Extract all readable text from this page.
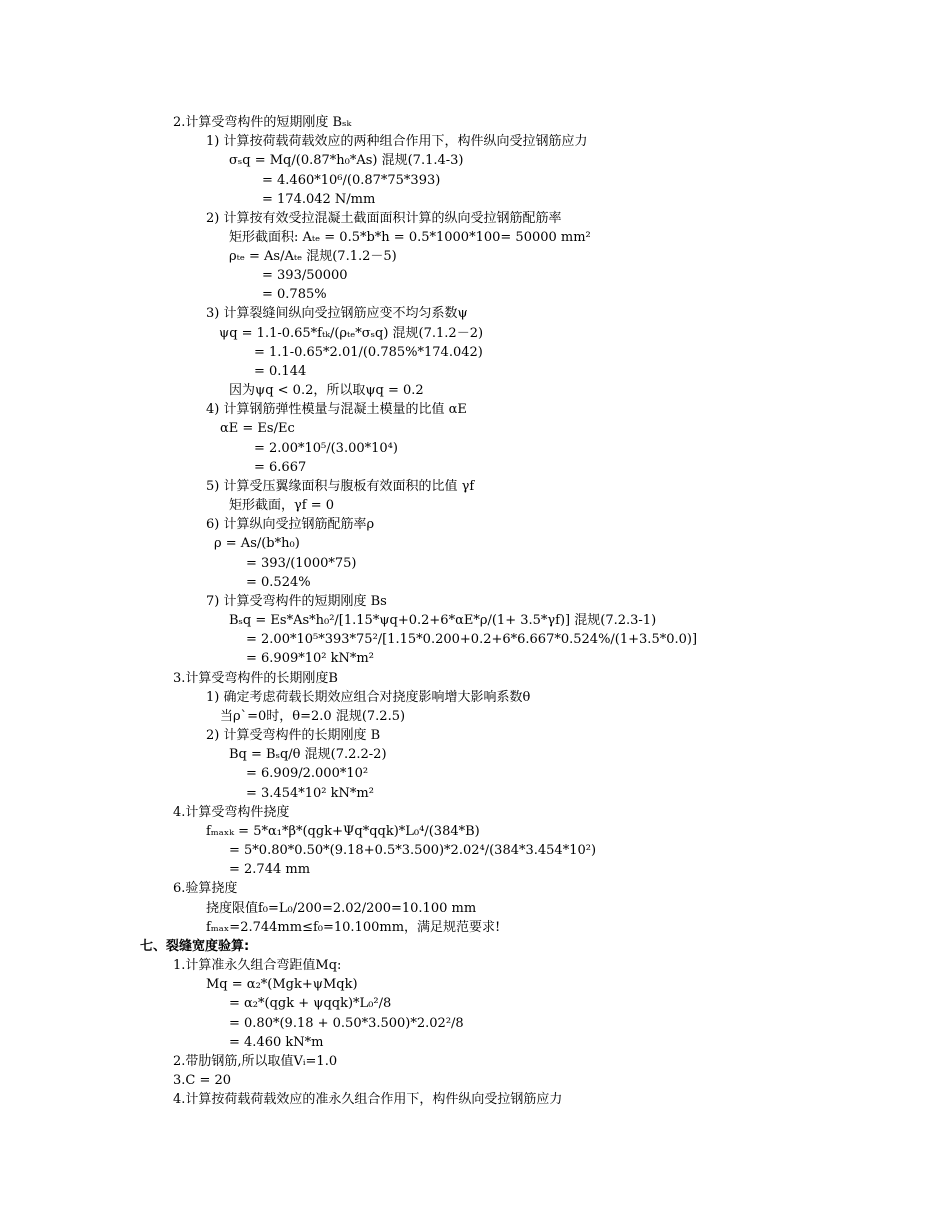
2.计算受弯构件的短期刚度 Bₛₖ
1) 计算按荷载荷载效应的两种组合作用下，构件纵向受拉钢筋应力
σₛq = Mq/(0.87*h₀*As) 混规(7.1.4-3)
= 4.460*10⁶/(0.87*75*393)
= 174.042 N/mm
2) 计算按有效受拉混凝土截面面积计算的纵向受拉钢筋配筋率
矩形截面积: Aₜₑ = 0.5*b*h = 0.5*1000*100= 50000 mm²
ρₜₑ = As/Aₜₑ 混规(7.1.2－5)
= 393/50000
= 0.785%
3) 计算裂缝间纵向受拉钢筋应变不均匀系数ψ
ψq = 1.1-0.65*fₜₖ/(ρₜₑ*σₛq) 混规(7.1.2－2)
= 1.1-0.65*2.01/(0.785%*174.042)
= 0.144
因为ψq < 0.2，所以取ψq = 0.2
4) 计算钢筋弹性模量与混凝土模量的比值 αE
αE = Es/Ec
= 2.00*10⁵/(3.00*10⁴)
= 6.667
5) 计算受压翼缘面积与腹板有效面积的比值 γf
矩形截面，γf = 0
6) 计算纵向受拉钢筋配筋率ρ
ρ = As/(b*h₀)
= 393/(1000*75)
= 0.524%
7) 计算受弯构件的短期刚度 Bs
Bₛq = Es*As*h₀²/[1.15*ψq+0.2+6*αE*ρ/(1+ 3.5*γf)] 混规(7.2.3-1)
= 2.00*10⁵*393*75²/[1.15*0.200+0.2+6*6.667*0.524%/(1+3.5*0.0)]
= 6.909*10² kN*m²
3.计算受弯构件的长期刚度B
1) 确定考虑荷载长期效应组合对挠度影响增大影响系数θ
当ρ`=0时，θ=2.0 混规(7.2.5)
2) 计算受弯构件的长期刚度 B
Bq = Bₛq/θ 混规(7.2.2-2)
= 6.909/2.000*10²
= 3.454*10² kN*m²
4.计算受弯构件挠度
fₘₐₓₖ = 5*α₁*β*(qgk+Ψq*qqk)*L₀⁴/(384*B)
= 5*0.80*0.50*(9.18+0.5*3.500)*2.02⁴/(384*3.454*10²)
= 2.744 mm
6.验算挠度
挠度限值f₀=L₀/200=2.02/200=10.100 mm
fₘₐₓ=2.744mm≤f₀=10.100mm，满足规范要求!
七、裂缝宽度验算:
1.计算准永久组合弯距值Mq:
Mq = α₂*(Mgk+ψMqk)
= α₂*(qgk + ψqqk)*L₀²/8
= 0.80*(9.18 + 0.50*3.500)*2.02²/8
= 4.460 kN*m
2.带肋钢筋,所以取值Vᵢ=1.0
3.C = 20
4.计算按荷载荷载效应的准永久组合作用下，构件纵向受拉钢筋应力
